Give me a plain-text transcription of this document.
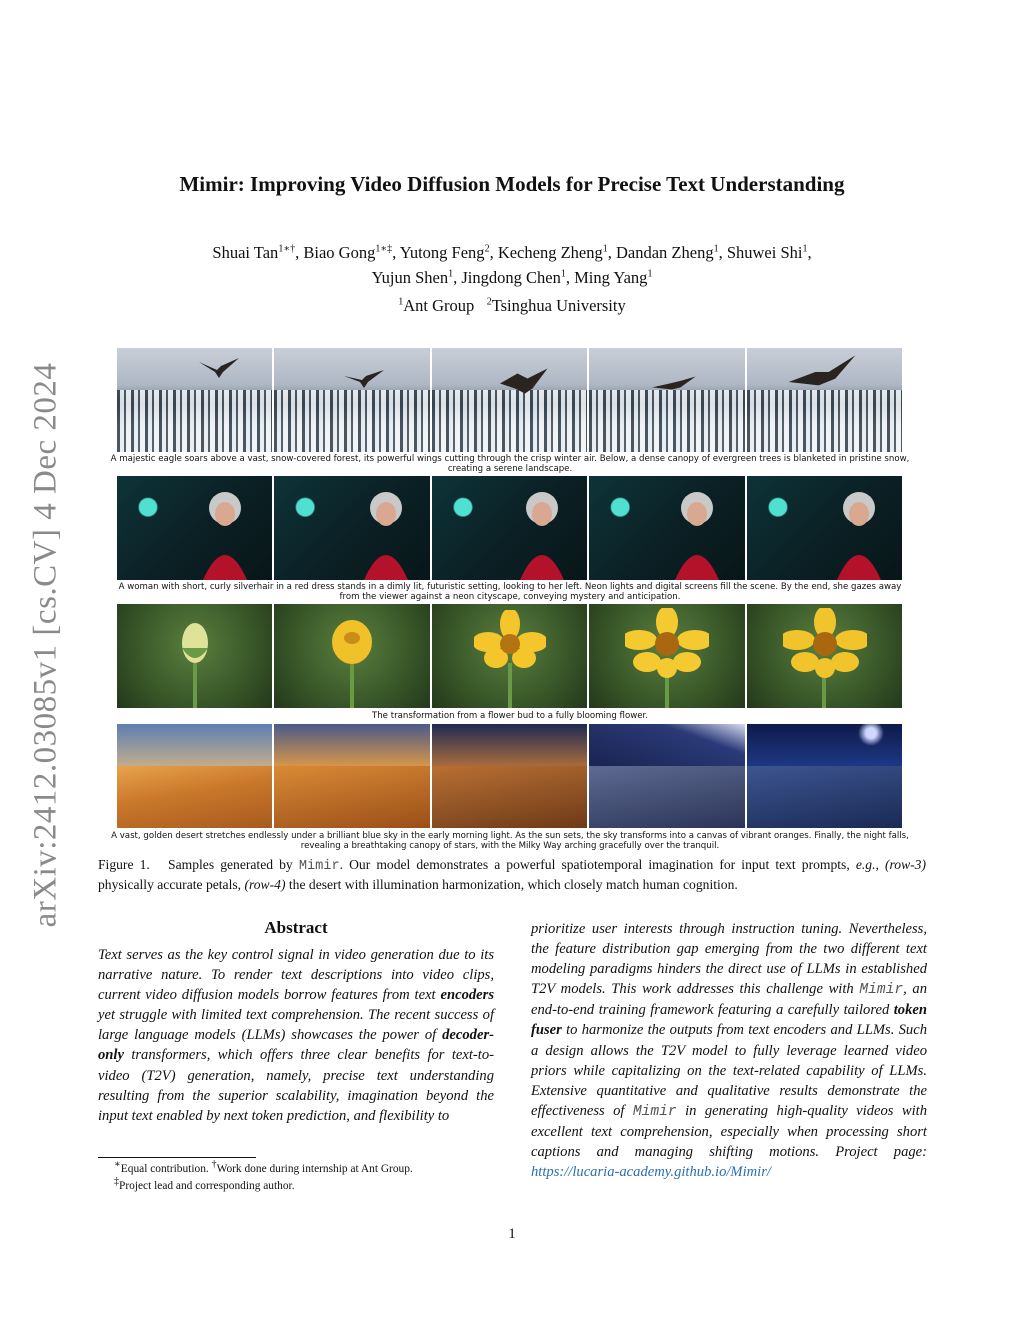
arXiv:2412.03085v1 [cs.CV] 4 Dec 2024
Mimir: Improving Video Diffusion Models for Precise Text Understanding
Shuai Tan$^{1∗\dagger}$, Biao Gong$^{1∗\ddagger}$, Yutong Feng$^2$, Kecheng Zheng$^1$, Dandan Zheng$^1$, Shuwei Shi$^1$,
Yujun Shen$^1$, Jingdong Chen$^1$, Ming Yang$^1$
$^1$Ant Group $^2$Tsinghua University
A majestic eagle soars above a vast, snow-covered forest, its powerful wings cutting through the crisp winter air. Below, a dense canopy of evergreen trees is blanketed in pristine snow, creating a serene landscape.
A woman with short, curly silverhair in a red dress stands in a dimly lit, futuristic setting, looking to her left. Neon lights and digital screens fill the scene. By the end, she gazes away from the viewer against a neon cityscape, conveying mystery and anticipation.
The transformation from a flower bud to a fully blooming flower.
A vast, golden desert stretches endlessly under a brilliant blue sky in the early morning light. As the sun sets, the sky transforms into a canvas of vibrant oranges. Finally, the night falls, revealing a breathtaking canopy of stars, with the Milky Way arching gracefully over the tranquil.
Figure 1. Samples generated by Mimir. Our model demonstrates a powerful spatiotemporal imagination for input text prompts, e.g., (row-3) physically accurate petals, (row-4) the desert with illumination harmonization, which closely match human cognition.
Abstract
Text serves as the key control signal in video generation due to its narrative nature. To render text descriptions into video clips, current video diffusion models borrow features from text encoders yet struggle with limited text comprehension. The recent success of large language models (LLMs) showcases the power of decoder-only transformers, which offers three clear benefits for text-to-video (T2V) generation, namely, precise text understanding resulting from the superior scalability, imagination beyond the input text enabled by next token prediction, and flexibility to
prioritize user interests through instruction tuning. Nevertheless, the feature distribution gap emerging from the two different text modeling paradigms hinders the direct use of LLMs in established T2V models. This work addresses this challenge with Mimir, an end-to-end training framework featuring a carefully tailored token fuser to harmonize the outputs from text encoders and LLMs. Such a design allows the T2V model to fully leverage learned video priors while capitalizing on the text-related capability of LLMs. Extensive quantitative and qualitative results demonstrate the effectiveness of Mimir in generating high-quality videos with excellent text comprehension, especially when processing short captions and managing shifting motions. Project page: https://lucaria-academy.github.io/Mimir/
∗Equal contribution. †Work done during internship at Ant Group.
‡Project lead and corresponding author.
1
